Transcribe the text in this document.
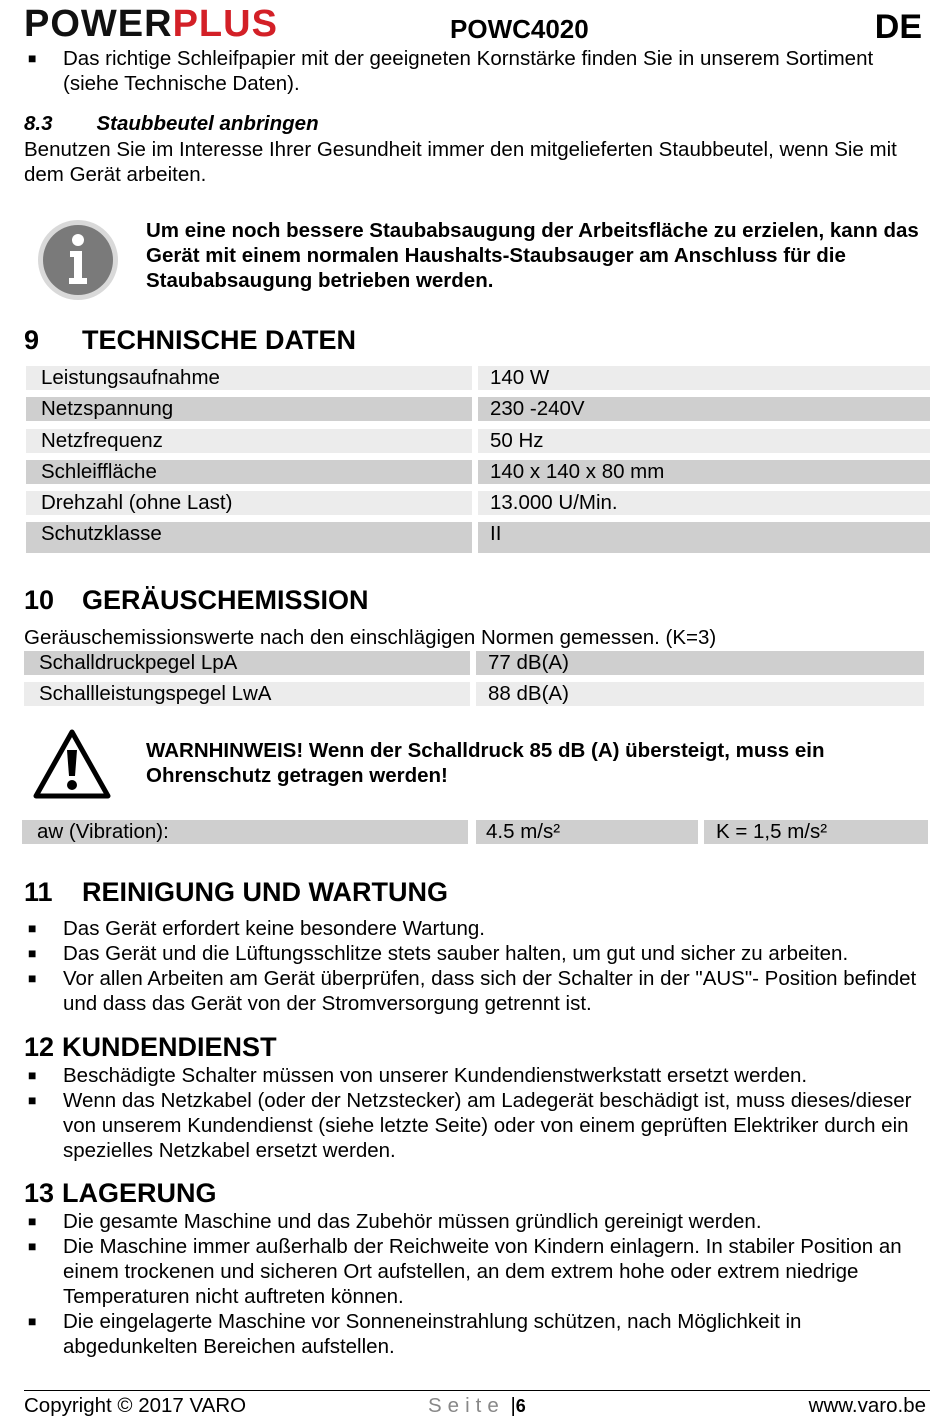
POWERPLUS	POWC4020	DE
■ Das richtige Schleifpapier mit der geeigneten Kornstärke finden Sie in unserem Sortiment (siehe Technische Daten).
8.3 Staubbeutel anbringen
Benutzen Sie im Interesse Ihrer Gesundheit immer den mitgelieferten Staubbeutel, wenn Sie mit dem Gerät arbeiten.
Um eine noch bessere Staubabsaugung der Arbeitsfläche zu erzielen, kann das Gerät mit einem normalen Haushalts-Staubsauger am Anschluss für die Staubabsaugung betrieben werden.
9 TECHNISCHE DATEN
Leistungsaufnahme	140 W
Netzspannung	230 -240V
Netzfrequenz	50 Hz
Schleiffläche	140 x 140 x 80 mm
Drehzahl (ohne Last)	13.000 U/Min.
Schutzklasse	II
10 GERÄUSCHEMISSION
Geräuschemissionswerte nach den einschlägigen Normen gemessen. (K=3)
Schalldruckpegel LpA	77 dB(A)
Schallleistungspegel LwA	88 dB(A)
WARNHINWEIS! Wenn der Schalldruck 85 dB (A) übersteigt, muss ein Ohrenschutz getragen werden!
aw (Vibration):	4.5 m/s²	K = 1,5 m/s²
11 REINIGUNG UND WARTUNG
■ Das Gerät erfordert keine besondere Wartung.
■ Das Gerät und die Lüftungsschlitze stets sauber halten, um gut und sicher zu arbeiten.
■ Vor allen Arbeiten am Gerät überprüfen, dass sich der Schalter in der "AUS"- Position befindet und dass das Gerät von der Stromversorgung getrennt ist.
12 KUNDENDIENST
■ Beschädigte Schalter müssen von unserer Kundendienstwerkstatt ersetzt werden.
■ Wenn das Netzkabel (oder der Netzstecker) am Ladegerät beschädigt ist, muss dieses/dieser von unserem Kundendienst (siehe letzte Seite) oder von einem geprüften Elektriker durch ein spezielles Netzkabel ersetzt werden.
13 LAGERUNG
■ Die gesamte Maschine und das Zubehör müssen gründlich gereinigt werden.
■ Die Maschine immer außerhalb der Reichweite von Kindern einlagern. In stabiler Position an einem trockenen und sicheren Ort aufstellen, an dem extrem hohe oder extrem niedrige Temperaturen nicht auftreten können.
■ Die eingelagerte Maschine vor Sonneneinstrahlung schützen, nach Möglichkeit in abgedunkelten Bereichen aufstellen.
Copyright © 2017 VARO	Seite |6	www.varo.be
